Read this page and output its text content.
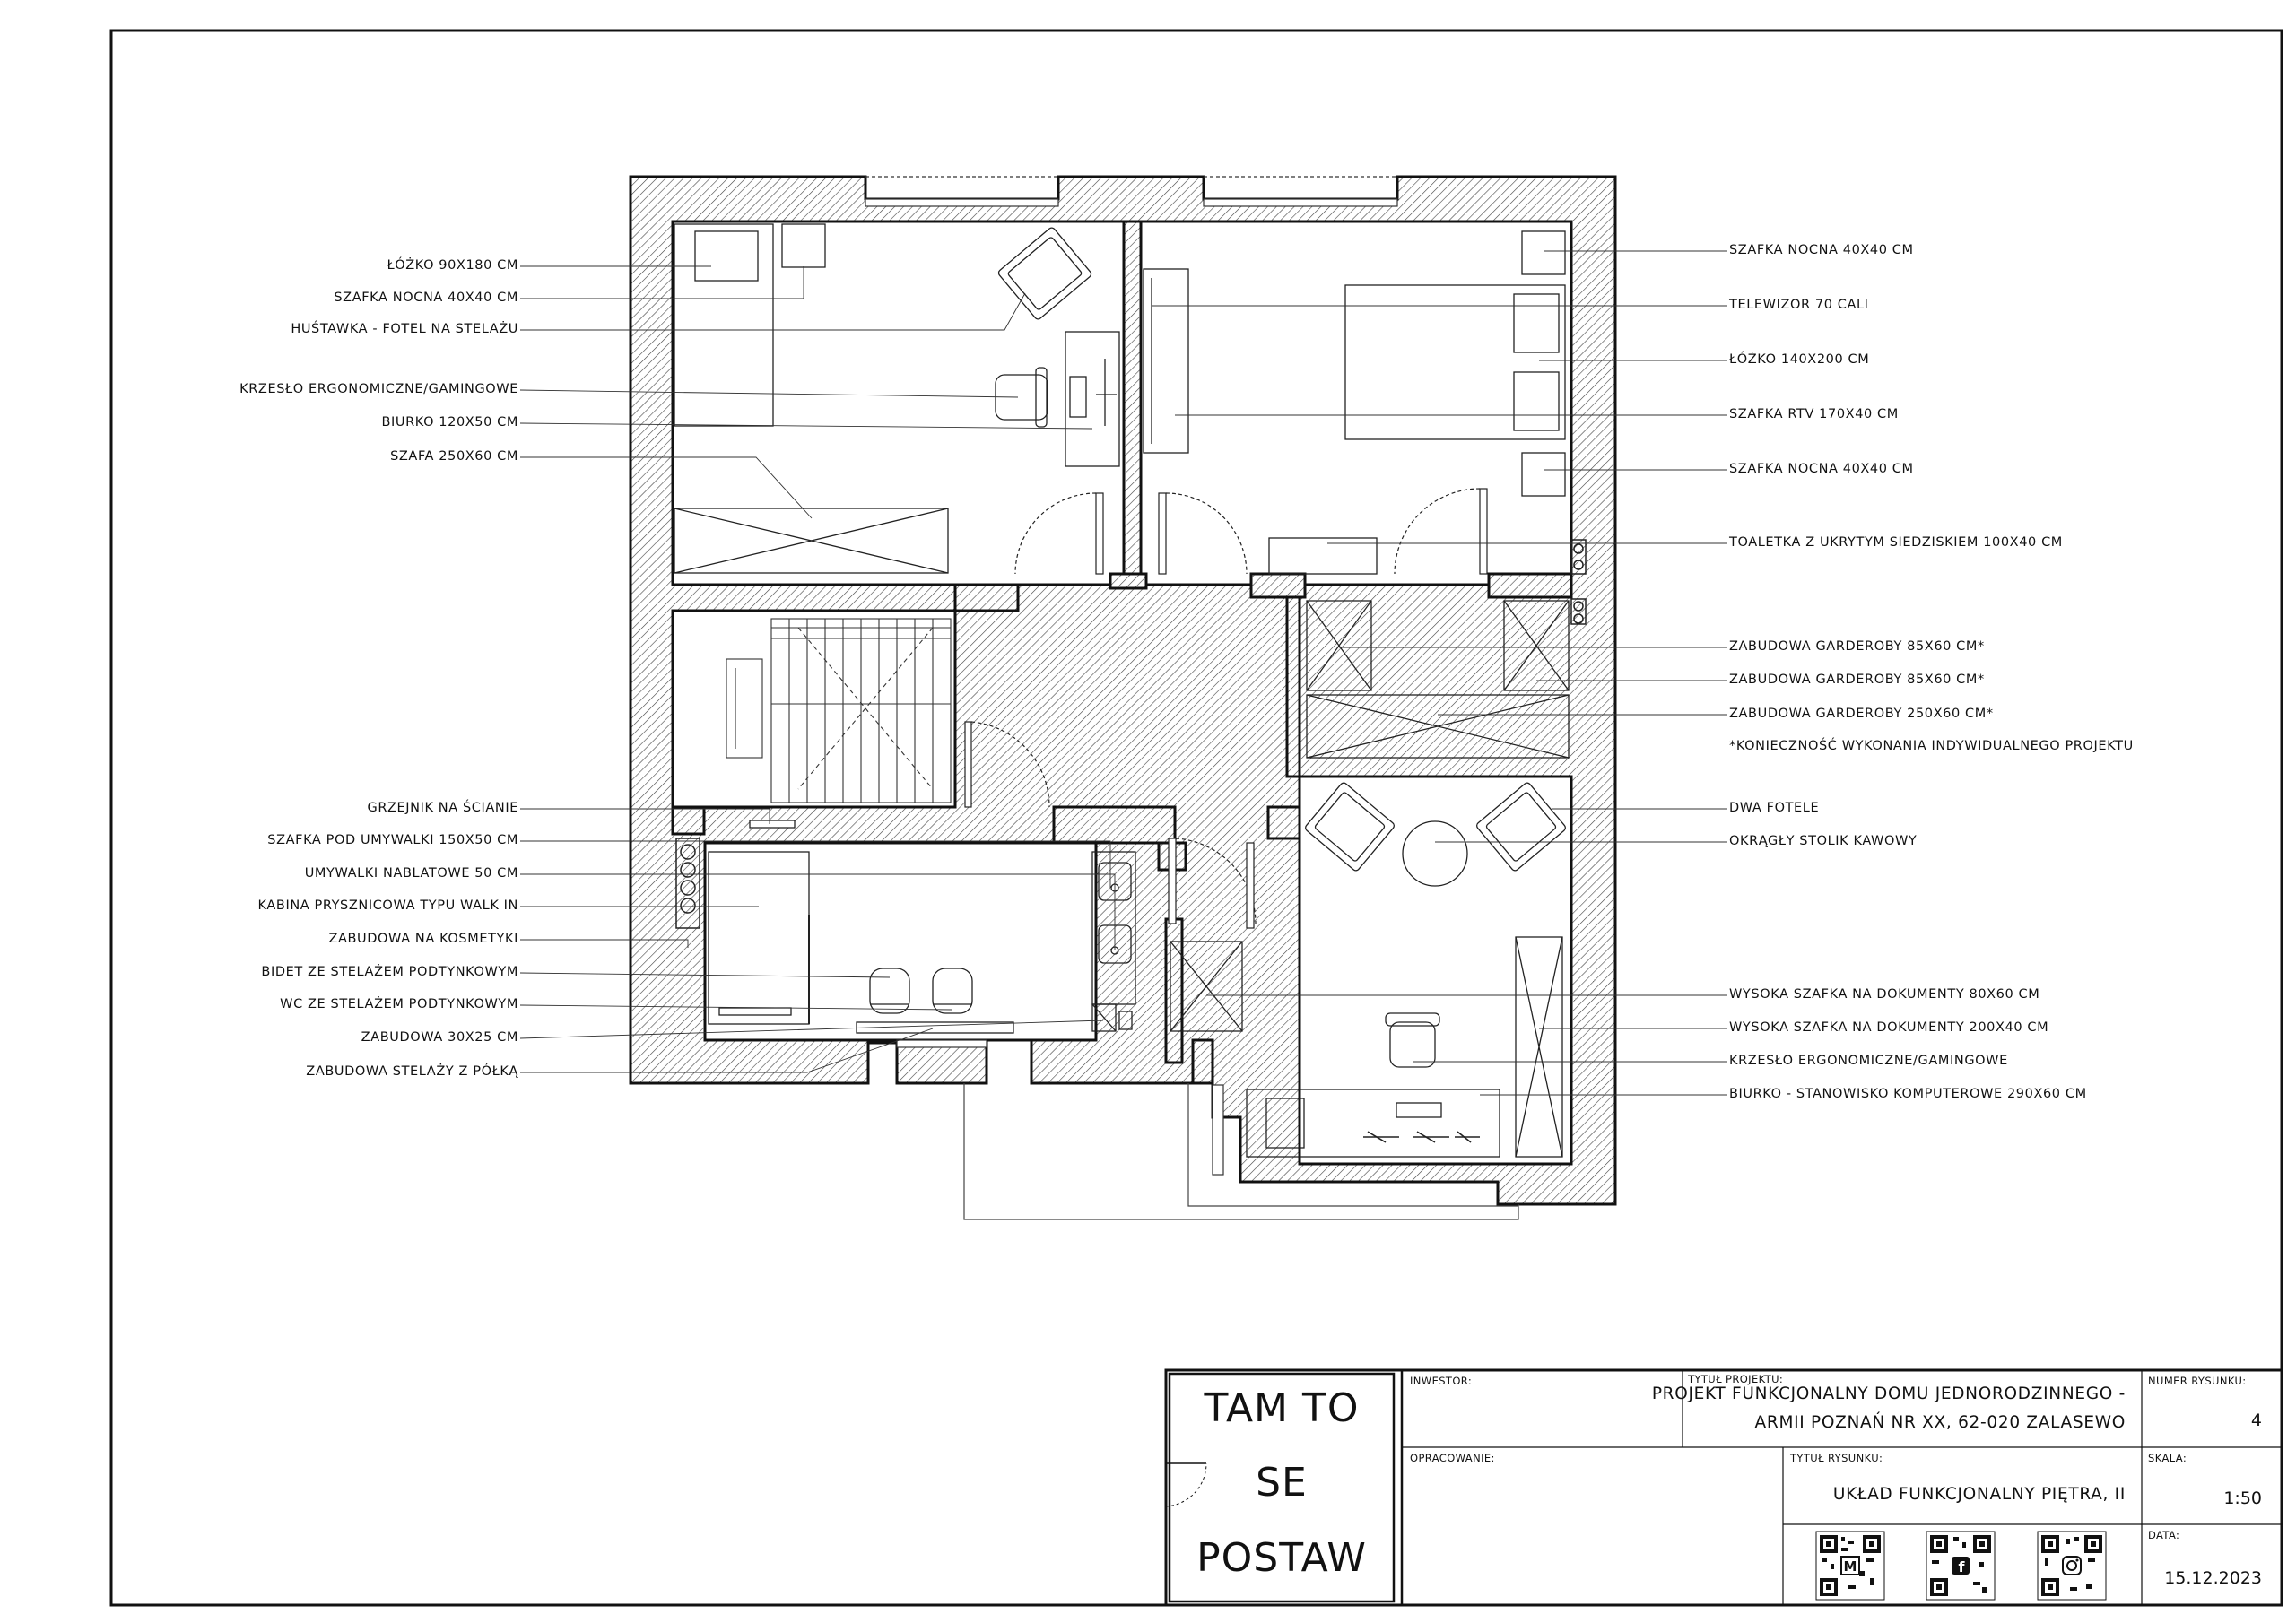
M	f
ŁÓŻKO 90X180 CM
SZAFKA NOCNA 40X40 CM
HUŚTAWKA - FOTEL NA STELAŻU
KRZESŁO ERGONOMICZNE/GAMINGOWE
BIURKO 120X50 CM
SZAFA 250X60 CM
GRZEJNIK NA ŚCIANIE
SZAFKA POD UMYWALKI 150X50 CM
UMYWALKI NABLATOWE 50 CM
KABINA PRYSZNICOWA TYPU WALK IN
ZABUDOWA NA KOSMETYKI
BIDET ZE STELAŻEM PODTYNKOWYM
WC ZE STELAŻEM PODTYNKOWYM
ZABUDOWA 30X25 CM
ZABUDOWA STELAŻY Z PÓŁKĄ
SZAFKA NOCNA 40X40 CM
TELEWIZOR 70 CALI
ŁÓŻKO 140X200 CM
SZAFKA RTV 170X40 CM
SZAFKA NOCNA 40X40 CM
TOALETKA Z UKRYTYM SIEDZISKIEM 100X40 CM
ZABUDOWA GARDEROBY 85X60 CM*
ZABUDOWA GARDEROBY 85X60 CM*
ZABUDOWA GARDEROBY 250X60 CM*
*KONIECZNOŚĆ WYKONANIA INDYWIDUALNEGO PROJEKTU
DWA FOTELE
OKRĄGŁY STOLIK KAWOWY
WYSOKA SZAFKA NA DOKUMENTY 80X60 CM
WYSOKA SZAFKA NA DOKUMENTY 200X40 CM
KRZESŁO ERGONOMICZNE/GAMINGOWE
BIURKO - STANOWISKO KOMPUTEROWE 290X60 CM
TAM TO
SE
POSTAW
INWESTOR:
OPRACOWANIE:
TYTUŁ PROJEKTU:
PROJEKT FUNKCJONALNY DOMU JEDNORODZINNEGO -
ARMII POZNAŃ NR XX, 62-020 ZALASEWO
TYTUŁ RYSUNKU:
UKŁAD FUNKCJONALNY PIĘTRA, II
NUMER RYSUNKU:
4
SKALA:
1:50
DATA:
15.12.2023
